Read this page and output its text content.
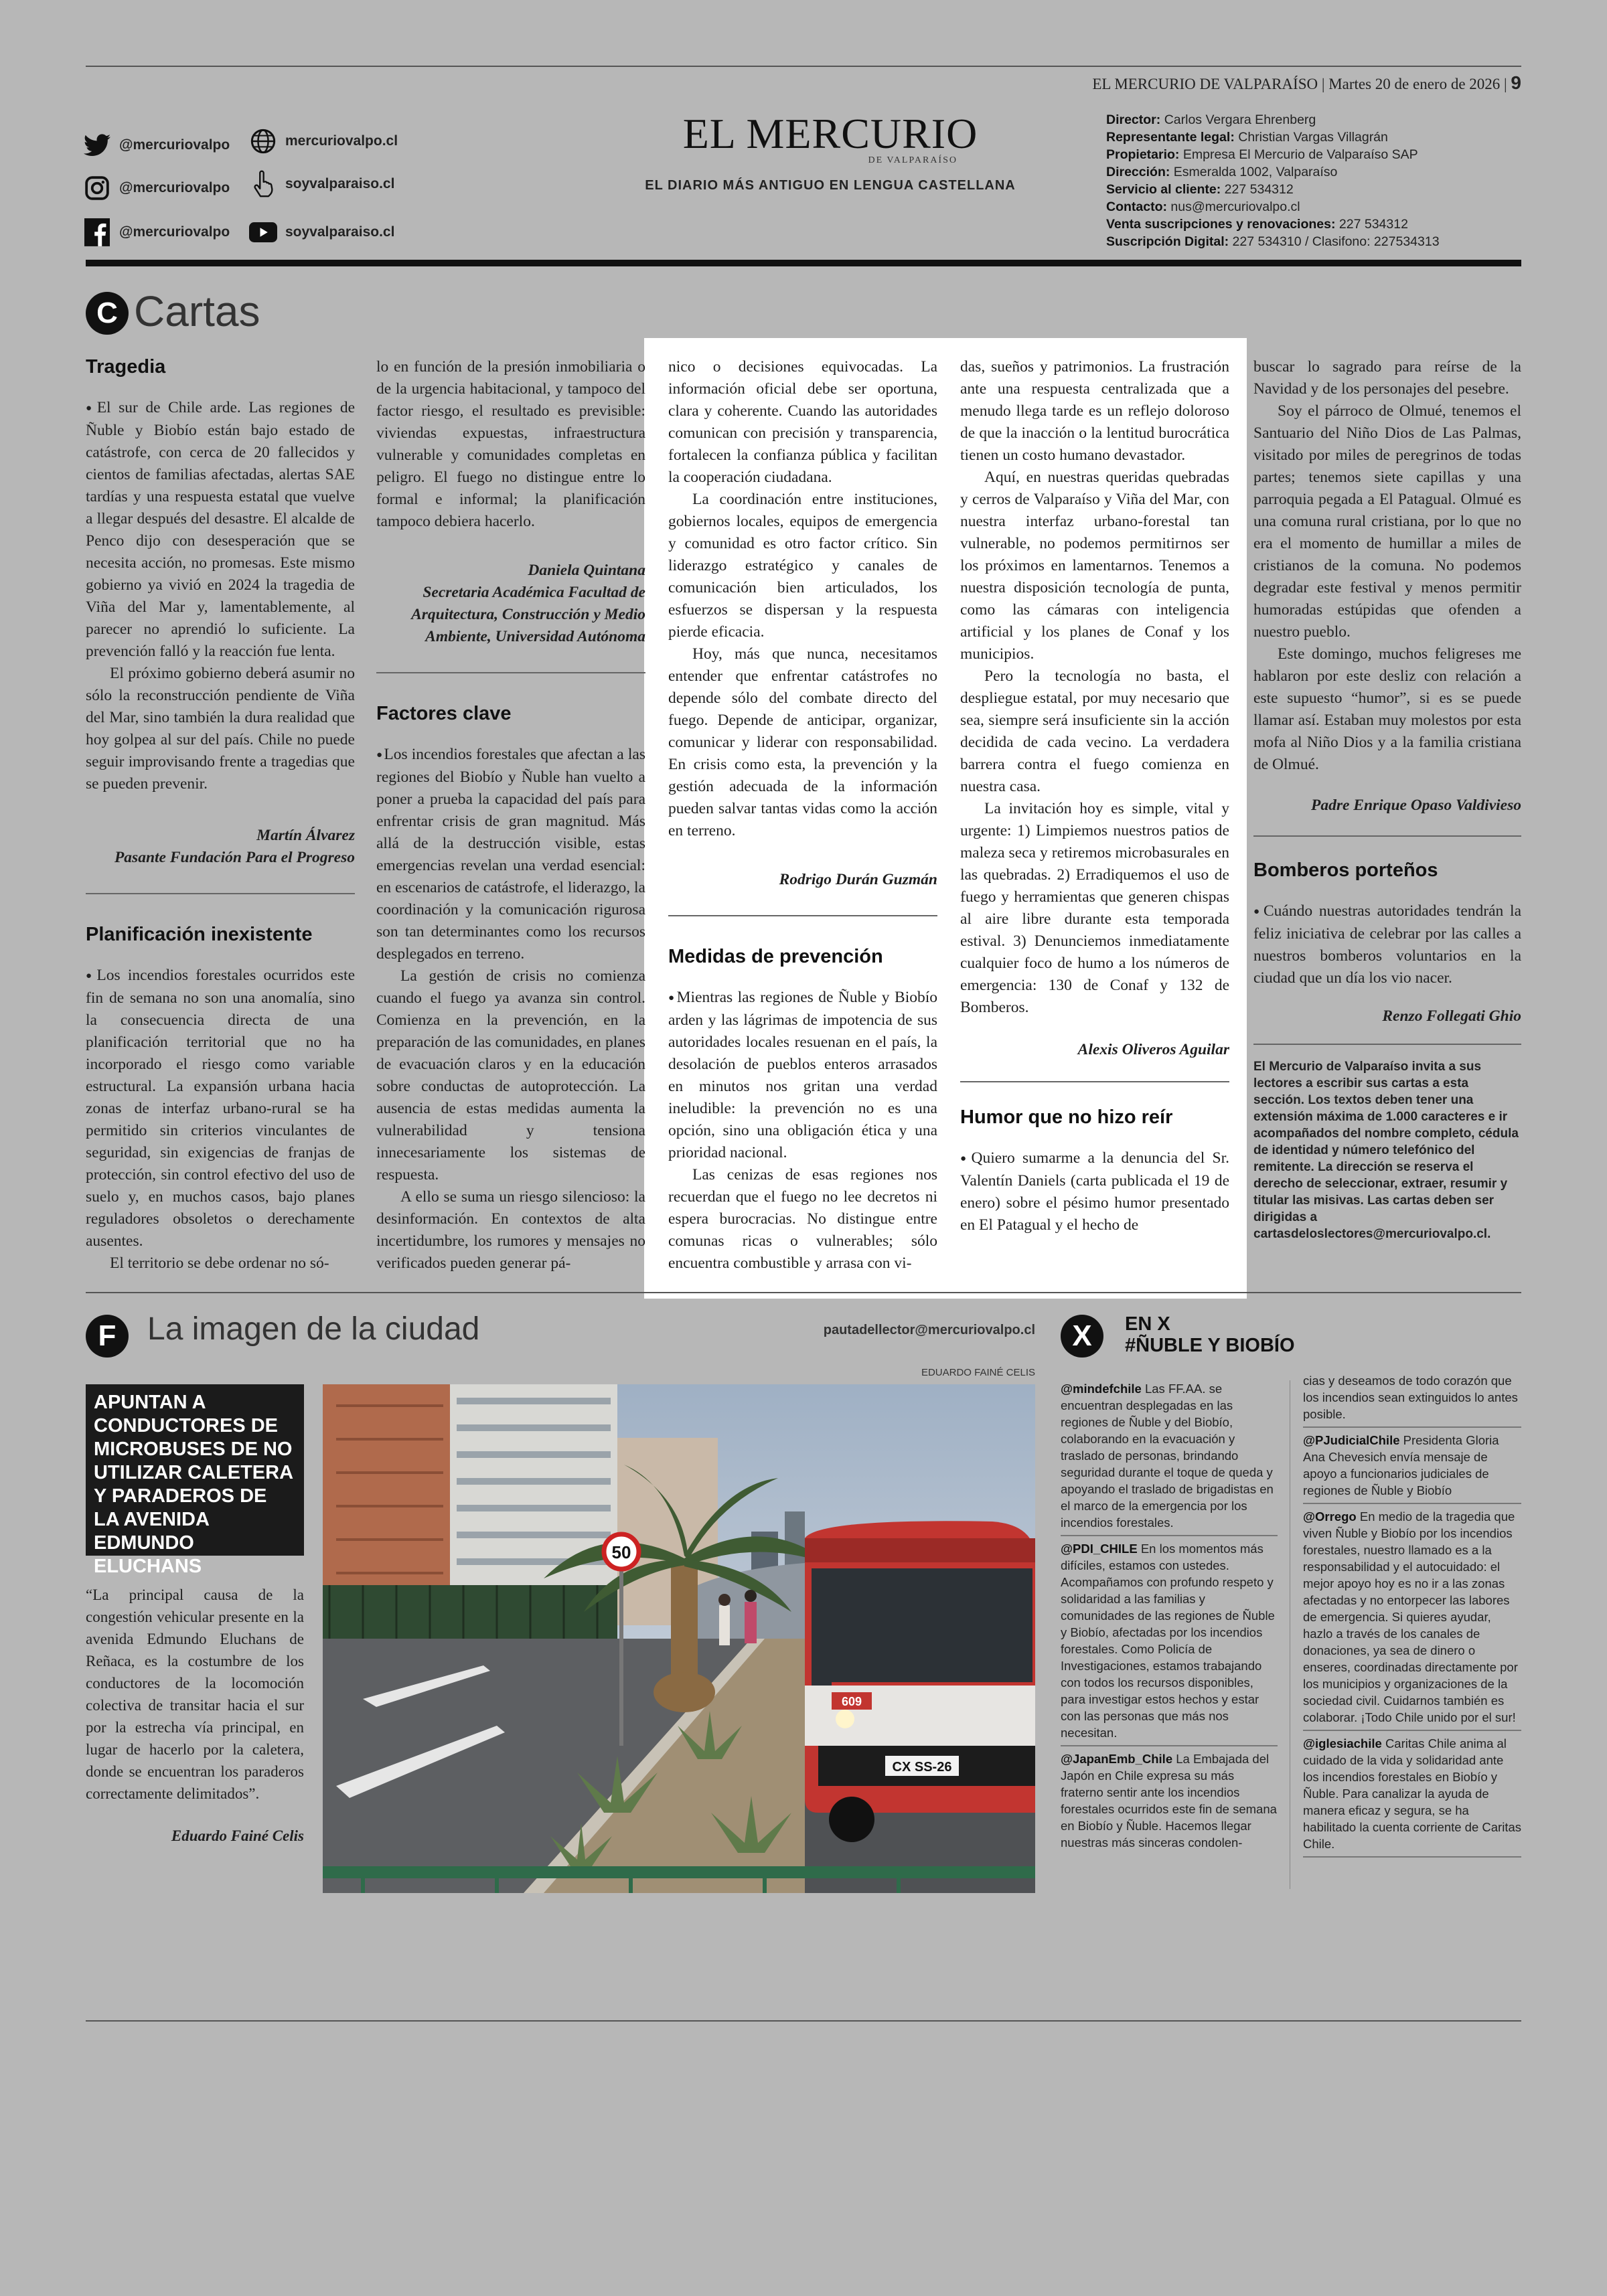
EL MERCURIO DE VALPARAÍSO | Martes 20 de enero de 2026 | 9
@mercuriovalpo	mercuriovalpo.cl
@mercuriovalpo	soyvalparaiso.cl
@mercuriovalpo	soyvalparaiso.cl
EL MERCURIO
DE VALPARAÍSO
EL DIARIO MÁS ANTIGUO EN LENGUA CASTELLANA
Director: Carlos Vergara Ehrenberg
Representante legal: Christian Vargas Villagrán
Propietario: Empresa El Mercurio de Valparaíso SAP
Dirección: Esmeralda 1002, Valparaíso
Servicio al cliente: 227 534312
Contacto: nus@mercuriovalpo.cl
Venta suscripciones y renovaciones: 227 534312
Suscripción Digital: 227 534310 / Clasifono: 227534313
C Cartas
Tragedia

● El sur de Chile arde. Las regiones de Ñuble y Biobío están bajo estado de catástrofe, con cerca de 20 fallecidos y cientos de familias afectadas, alertas SAE tardías y una respuesta estatal que vuelve a llegar después del desastre. El alcalde de Penco dijo con desesperación que se necesita acción, no promesas. Este mismo gobierno ya vivió en 2024 la tragedia de Viña del Mar y, lamentablemente, al parecer no aprendió lo suficiente. La prevención falló y la reacción fue lenta.

El próximo gobierno deberá asumir no sólo la reconstrucción pendiente de Viña del Mar, sino también la dura realidad que hoy golpea al sur del país. Chile no puede seguir improvisando frente a tragedias que se pueden prevenir.

Martín Álvarez

Pasante Fundación Para el Progreso

Planificación inexistente

● Los incendios forestales ocurridos este fin de semana no son una anomalía, sino la consecuencia directa de una planificación territorial que no ha incorporado el riesgo como variable estructural. La expansión urbana hacia zonas de interfaz urbano-rural se ha permitido sin criterios vinculantes de seguridad, sin exigencias de franjas de protección, sin control efectivo del uso de suelo y, en muchos casos, bajo planes reguladores obsoletos o derechamente ausentes.

El territorio se debe ordenar no só-

lo en función de la presión inmobiliaria o de la urgencia habitacional, y tampoco del factor riesgo, el resultado es previsible: viviendas expuestas, infraestructura vulnerable y comunidades completas en peligro. El fuego no distingue entre lo formal e informal; la planificación tampoco debiera hacerlo.

Daniela Quintana

Secretaria Académica Facultad de Arquitectura, Construcción y Medio Ambiente, Universidad Autónoma

Factores clave

● Los incendios forestales que afectan a las regiones del Biobío y Ñuble han vuelto a poner a prueba la capacidad del país para enfrentar crisis de gran magnitud. Más allá de la destrucción visible, estas emergencias revelan una verdad esencial: en escenarios de catástrofe, el liderazgo, la coordinación y la comunicación rigurosa son tan determinantes como los recursos desplegados en terreno.

La gestión de crisis no comienza cuando el fuego ya avanza sin control. Comienza en la prevención, en la preparación de las comunidades, en planes de evacuación claros y en la educación sobre conductas de autoprotección. La ausencia de estas medidas aumenta la vulnerabilidad y tensiona innecesariamente los sistemas de respuesta.

A ello se suma un riesgo silencioso: la desinformación. En contextos de alta incertidumbre, los rumores y mensajes no verificados pueden generar pá-

nico o decisiones equivocadas. La información oficial debe ser oportuna, clara y coherente. Cuando las autoridades comunican con precisión y transparencia, fortalecen la confianza pública y facilitan la cooperación ciudadana.

La coordinación entre instituciones, gobiernos locales, equipos de emergencia y comunidad es otro factor crítico. Sin liderazgo estratégico y canales de comunicación bien articulados, los esfuerzos se dispersan y la respuesta pierde eficacia.

Hoy, más que nunca, necesitamos entender que enfrentar catástrofes no depende sólo del combate directo del fuego. Depende de anticipar, organizar, comunicar y liderar con responsabilidad. En crisis como esta, la prevención y la gestión adecuada de la información pueden salvar tantas vidas como la acción en terreno.

Rodrigo Durán Guzmán

Medidas de prevención

● Mientras las regiones de Ñuble y Biobío arden y las lágrimas de impotencia de sus autoridades locales resuenan en el país, la desolación de pueblos enteros arrasados en minutos nos gritan una verdad ineludible: la prevención no es una opción, sino una obligación ética y una prioridad nacional.

Las cenizas de esas regiones nos recuerdan que el fuego no lee decretos ni espera burocracias. No distingue entre comunas ricas o vulnerables; sólo encuentra combustible y arrasa con vi-

das, sueños y patrimonios. La frustración ante una respuesta centralizada que a menudo llega tarde es un reflejo doloroso de que la inacción o la lentitud burocrática tienen un costo humano devastador.

Aquí, en nuestras queridas quebradas y cerros de Valparaíso y Viña del Mar, con nuestra interfaz urbano-forestal tan vulnerable, no podemos permitirnos ser los próximos en lamentarnos. Tenemos a nuestra disposición tecnología de punta, como las cámaras con inteligencia artificial y los planes de Conaf y los municipios.

Pero la tecnología no basta, el despliegue estatal, por muy necesario que sea, siempre será insuficiente sin la acción decidida de cada vecino. La verdadera barrera contra el fuego comienza en nuestra casa.

La invitación hoy es simple, vital y urgente: 1) Limpiemos nuestros patios de maleza seca y retiremos microbasurales en las quebradas. 2) Erradiquemos el uso de fuego y herramientas que generen chispas al aire libre durante esta temporada estival. 3) Denunciemos inmediatamente cualquier foco de humo a los números de emergencia: 130 de Conaf y 132 de Bomberos.

Alexis Oliveros Aguilar

Humor que no hizo reír

● Quiero sumarme a la denuncia del Sr. Valentín Daniels (carta publicada el 19 de enero) sobre el pésimo humor presentado en El Patagual y el hecho de

buscar lo sagrado para reírse de la Navidad y de los personajes del pesebre.

Soy el párroco de Olmué, tenemos el Santuario del Niño Dios de Las Palmas, visitado por miles de peregrinos de todas partes; tenemos siete capillas y una parroquia pegada a El Patagual. Olmué es una comuna rural cristiana, por lo que no era el momento de humillar a miles de cristianos de la comuna. No podemos degradar este festival y menos permitir humoradas estúpidas que ofenden a nuestro pueblo.

Este domingo, muchos feligreses me hablaron por este desliz con relación a este supuesto “humor”, si es se puede llamar así. Estaban muy molestos por esta mofa al Niño Dios y a la familia cristiana de Olmué.

Padre Enrique Opaso Valdivieso

Bomberos porteños

● Cuándo nuestras autoridades tendrán la feliz iniciativa de celebrar por las calles a nuestros bomberos voluntarios en la ciudad que un día los vio nacer.

Renzo Follegati Ghio

El Mercurio de Valparaíso invita a sus lectores a escribir sus cartas a esta sección. Los textos deben tener una extensión máxima de 1.000 caracteres e ir acompañados del nombre completo, cédula de identidad y número telefónico del remitente. La dirección se reserva el derecho de seleccionar, extraer, resumir y titular las misivas. Las cartas deben ser dirigidas a cartasdeloslectores@mercuriovalpo.cl.
F La imagen de la ciudad	pautadellector@mercuriovalpo.cl
EDUARDO FAINÉ CELIS
APUNTAN A CONDUCTORES DE MICROBUSES DE NO UTILIZAR CALETERA Y PARADEROS DE LA AVENIDA EDMUNDO ELUCHANS

“La principal causa de la congestión vehicular presente en la avenida Edmundo Eluchans de Reñaca, es la costumbre de los conductores de la locomoción colectiva de transitar hacia el sur por la estrecha vía principal, en lugar de hacerlo por la caletera, donde se encuentran los paraderos correctamente delimitados”.

Eduardo Fainé Celis

50
CX SS-26
609
X	EN X
#ÑUBLE Y BIOBÍO

@mindefchile Las FF.AA. se encuentran desplegadas en las regiones de Ñuble y del Biobío, colaborando en la evacuación y traslado de personas, brindando seguridad durante el toque de queda y apoyando el traslado de brigadistas en el marco de la emergencia por los incendios forestales.

@PDI_CHILE En los momentos más difíciles, estamos con ustedes. Acompañamos con profundo respeto y solidaridad a las familias y comunidades de las regiones de Ñuble y Biobío, afectadas por los incendios forestales. Como Policía de Investigaciones, estamos trabajando con todos los recursos disponibles, para investigar estos hechos y estar con las personas que más nos necesitan.

@JapanEmb_Chile La Embajada del Japón en Chile expresa su más fraterno sentir ante los incendios forestales ocurridos este fin de semana en Biobío y Ñuble. Hacemos llegar nuestras más sinceras condolen-

cias y deseamos de todo corazón que los incendios sean extinguidos lo antes posible.

@PJudicialChile Presidenta Gloria Ana Chevesich envía mensaje de apoyo a funcionarios judiciales de regiones de Ñuble y Biobío

@Orrego En medio de la tragedia que viven Ñuble y Biobío por los incendios forestales, nuestro llamado es a la responsabilidad y el autocuidado: el mejor apoyo hoy es no ir a las zonas afectadas y no entorpecer las labores de emergencia. Si quieres ayudar, hazlo a través de los canales de donaciones, ya sea de dinero o enseres, coordinadas directamente por los municipios y organizaciones de la sociedad civil. Cuidarnos también es colaborar. ¡Todo Chile unido por el sur!

@iglesiachile Caritas Chile anima al cuidado de la vida y solidaridad ante los incendios forestales en Biobío y Ñuble. Para canalizar la ayuda de manera eficaz y segura, se ha habilitado la cuenta corriente de Caritas Chile.
